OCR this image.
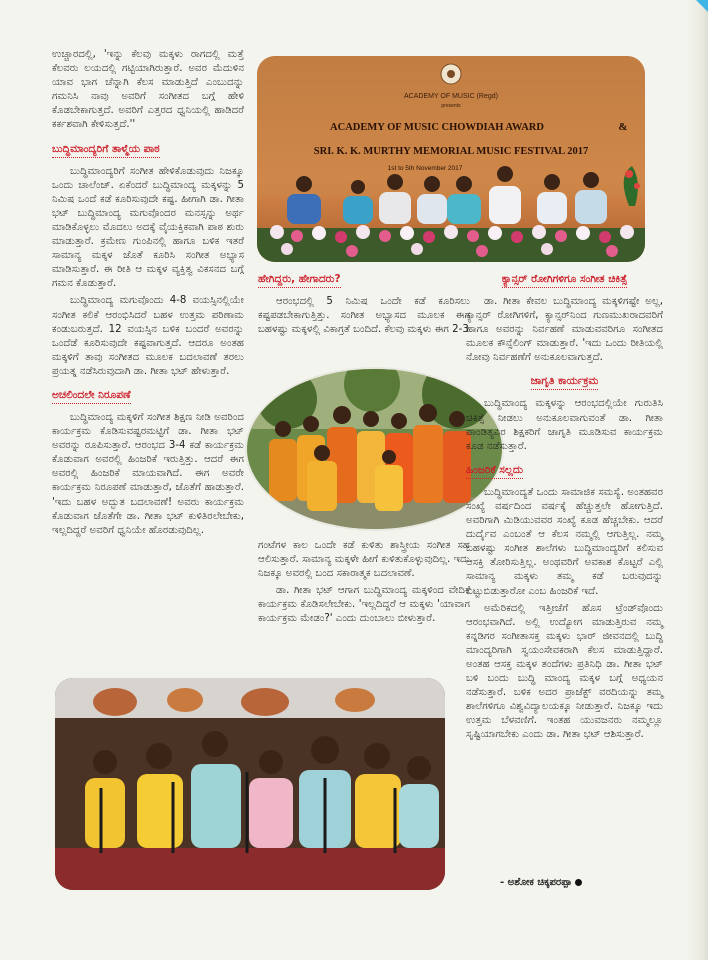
ಉಚ್ಚಾರದಲ್ಲಿ, 'ಇನ್ನು ಕೆಲವು ಮಕ್ಕಳು ರಾಗದಲ್ಲಿ ಮತ್ತೆ ಕೆಲವರು ಲಯದಲ್ಲಿ ಗಟ್ಟಿಯಾಗಿರುತ್ತಾರೆ. ಅವರ ಮೆದುಳಿನ ಯಾವ ಭಾಗ ಚೆನ್ನಾಗಿ ಕೆಲಸ ಮಾಡುತ್ತಿದೆ ಎಂಬುದನ್ನು ಗಮನಿಸಿ ನಾವು ಅವರಿಗೆ ಸಂಗೀತದ ಬಗ್ಗೆ ಹೇಳಿ ಕೊಡಬೇಕಾಗುತ್ತದೆ. ಅವರಿಗೆ ಎತ್ತರದ ಧ್ವನಿಯಲ್ಲಿ ಹಾಡಿದರೆ ಕರ್ಕಶವಾಗಿ ಕೇಳಿಸುತ್ತದೆ.''

ಬುದ್ಧಿಮಾಂದ್ಯರಿಗೆ ತಾಳ್ಮೆಯ ಪಾಠ

ಬುದ್ಧಿಮಾಂದ್ಯರಿಗೆ ಸಂಗೀತ ಹೇಳಿಕೊಡುವುದು ನಿಜಕ್ಕೂ ಒಂದು ಚಾಲೆಂಜ್. ಏಕೆಂದರೆ ಬುದ್ಧಿಮಾಂದ್ಯ ಮಕ್ಕಳನ್ನು 5 ನಿಮಿಷ ಒಂದೆ ಕಡೆ ಕೂರಿಸುವುದೇ ಕಷ್ಟ. ಹೀಗಾಗಿ ಡಾ. ಗೀತಾ ಭಟ್ ಬುದ್ಧಿಮಾಂದ್ಯ ಮಗುವೊಂದರ ಮನಸ್ಸನ್ನು ಅರ್ಥ ಮಾಡಿಕೊಳ್ಳಲು ಮೊದಲು ಅದಕ್ಕೆ ವೈಯಕ್ತಿಕವಾಗಿ ಪಾಠ ಶುರು ಮಾಡುತ್ತಾರೆ. ಕ್ರಮೇಣ ಗುಂಪಿನಲ್ಲಿ ಹಾಗೂ ಬಳಿಕ ಇತರೆ ಸಾಮಾನ್ಯ ಮಕ್ಕಳ ಜೊತೆ ಕೂರಿಸಿ ಸಂಗೀತ ಅಭ್ಯಾಸ ಮಾಡಿಸುತ್ತಾರೆ. ಈ ರೀತಿ ಆ ಮಕ್ಕಳ ವ್ಯಕ್ತಿತ್ವ ವಿಕಸನದ ಬಗ್ಗೆ ಗಮನ ಕೊಡುತ್ತಾರೆ.

ಬುದ್ಧಿಮಾಂದ್ಯ ಮಗುವೊಂದು 4-8 ವಯಸ್ಸಿನಲ್ಲಿಯೇ ಸಂಗೀತ ಕಲಿಕೆ ಆರಂಭಿಸಿದರೆ ಬಹಳ ಉತ್ತಮ ಪರಿಣಾಮ ಕಂಡುಬರುತ್ತದೆ. 12 ವಯಸ್ಸಿನ ಬಳಿಕ ಬಂದರೆ ಅವರನ್ನು ಒಂದೆಡೆ ಕೂರಿಸುವುದೇ ಕಷ್ಟವಾಗುತ್ತದೆ. ಆದರೂ ಅಂತಹ ಮಕ್ಕಳಿಗೆ ತಾವು ಸಂಗೀತದ ಮೂಲಕ ಬದಲಾವಣೆ ತರಲು ಪ್ರಯತ್ನ ನಡೆಸಿರುವುದಾಗಿ ಡಾ. ಗೀತಾ ಭಟ್ ಹೇಳುತ್ತಾರೆ.

ಅಚಲಿಂದಲೇ ನಿರೂಪಣೆ

ಬುದ್ಧಿಮಾಂದ್ಯ ಮಕ್ಕಳಿಗೆ ಸಂಗೀತ ಶಿಕ್ಷಣ ನೀಡಿ ಅವರಿಂದ ಕಾರ್ಯಕ್ರಮ ಕೊಡಿಸುವಷ್ಟರಮಟ್ಟಿಗೆ ಡಾ. ಗೀತಾ ಭಟ್ ಅವರನ್ನು ರೂಪಿಸುತ್ತಾರೆ. ಆರಂಭದ 3-4 ಕಡೆ ಕಾರ್ಯಕ್ರಮ ಕೊಡುವಾಗ ಅವರಲ್ಲಿ ಹಿಂಜರಿಕೆ ಇರುತ್ತಿತ್ತು. ಆದರೆ ಈಗ ಅವರಲ್ಲಿ ಹಿಂಜರಿಕೆ ಮಾಯವಾಗಿದೆ. ಈಗ ಅವರೇ ಕಾರ್ಯಕ್ರಮ ನಿರೂಪಣೆ ಮಾಡುತ್ತಾರೆ, ಜೊತೆಗೆ ಹಾಡುತ್ತಾರೆ. 'ಇದು ಬಹಳ ಅದ್ಭುತ ಬದಲಾವಣೆ! ಅವರು ಕಾರ್ಯಕ್ರಮ ಕೊಡುವಾಗ ಜೊತೆಗೇ ಡಾ. ಗೀತಾ ಭಟ್ ಕುಳಿತಿರಲೇಬೇಕು, ಇಲ್ಲದಿದ್ದರೆ ಅವರಿಗೆ ಧ್ವನಿಯೇ ಹೊರಡುವುದಿಲ್ಲ.

ACADEMY OF MUSIC (Regd)
presents
ACADEMY OF MUSIC CHOWDIAH AWARD	&
SRI. K. K. MURTHY MEMORIAL MUSIC FESTIVAL 2017
1st to 5th November 2017
ಹೇಗಿದ್ದರು, ಹೇಗಾದರು?

ಆರಂಭದಲ್ಲಿ 5 ನಿಮಿಷ ಒಂದೇ ಕಡೆ ಕೂರಿಸಲು ಕಷ್ಟಪಡಬೇಕಾಗುತ್ತಿತ್ತು. ಸಂಗೀತ ಅಭ್ಯಾಸದ ಮೂಲಕ ಈಗ ಬಹಳಷ್ಟು ಮಕ್ಕಳಲ್ಲಿ ವಿಕಾಗ್ರತೆ ಬಂದಿದೆ. ಕೆಲವು ಮಕ್ಕಳು ಈಗ 2-3

ಗಂಟೆಗಳ ಕಾಲ ಒಂದೇ ಕಡೆ ಕುಳಿತು ಶಾಸ್ತ್ರೀಯ ಸಂಗೀತ ಸಹ ಆಲಿಸುತ್ತಾರೆ. ಸಾಮಾನ್ಯ ಮಕ್ಕಳೇ ಹೀಗೆ ಕುಳಿತುಕೊಳ್ಳುವುದಿಲ್ಲ. ಇದು ನಿಜಕ್ಕೂ ಅವರಲ್ಲಿ ಬಂದ ಸಕಾರಾತ್ಮಕ ಬದಲಾವಣೆ.

ಡಾ. ಗೀತಾ ಭಟ್ ಆಗಾಗ ಬುದ್ಧಿಮಾಂದ್ಯ ಮಕ್ಕಳಿಂದ ವೇದಿಕೆ ಕಾರ್ಯಕ್ರಮ ಕೊಡಿಸಲೇಬೇಕು. 'ಇಲ್ಲದಿದ್ದರೆ ಆ ಮಕ್ಕಳು 'ಯಾವಾಗ ಕಾರ್ಯಕ್ರಮ ಮೇಡಂ?' ಎಂದು ದುಂಬಾಲು ಬೀಳುತ್ತಾರೆ.

ಕ್ಯಾನ್ಸರ್ ರೋಗಿಗಳಿಗೂ ಸಂಗೀತ ಚಿಕಿತ್ಸೆ

ಡಾ. ಗೀತಾ ಕೇವಲ ಬುದ್ಧಿಮಾಂದ್ಯ ಮಕ್ಕಳಿಗಷ್ಟೇ ಅಲ್ಲ, ಕ್ಯಾನ್ಸರ್ ರೋಗಿಗಳಿಗೆ, ಕ್ಯಾನ್ಸರ್‌ನಿಂದ ಗುಣಮುಖರಾದವರಿಗೆ ಹಾಗೂ ಅವರನ್ನು ನಿರ್ವಹಣೆ ಮಾಡುವವರಿಗೂ ಸಂಗೀತದ ಮೂಲಕ ಕೌನ್ಸೆಲಿಂಗ್ ಮಾಡುತ್ತಾರೆ. 'ಇದು ಒಂದು ರೀತಿಯಲ್ಲಿ ನೋವು ನಿರ್ವಹಣೆಗೆ ಅನುಕೂಲವಾಗುತ್ತದೆ.

ಜಾಗೃತಿ ಕಾರ್ಯಕ್ರಮ

ಬುದ್ಧಿಮಾಂದ್ಯ ಮಕ್ಕಳನ್ನು ಆರಂಭದಲ್ಲಿಯೇ ಗುರುತಿಸಿ ಚಿಕಿತ್ಸೆ ನೀಡಲು ಅನುಕೂಲವಾಗುವಂತೆ ಡಾ. ಗೀತಾ ಪಾಂಡಿತ್ಯವಿರ ಶಿಕ್ಷಕರಿಗೆ ಜಾಗೃತಿ ಮೂಡಿಸುವ ಕಾರ್ಯಕ್ರಮ ಕೂಡ ನಡೆಸುತ್ತಾರೆ.

ಹಿಂಜರಿಕೆ ಸಲ್ಲದು

ಬುದ್ಧಿಮಾಂದ್ಯತೆ ಒಂದು ಸಾಮಾಜಿಕ ಸಮಸ್ಯೆ. ಅಂತಹವರ ಸಂಖ್ಯೆ ವರ್ಷದಿಂದ ವರ್ಷಕ್ಕೆ ಹೆಚ್ಚುತ್ತಲೇ ಹೋಗುತ್ತಿದೆ. ಅವರಿಗಾಗಿ ಮಿಡಿಯುವವರ ಸಂಖ್ಯೆ ಕೂಡ ಹೆಚ್ಚಬೇಕು. ಆದರೆ ದುರ್ದೈವ ಎಂಬಂತೆ ಆ ಕೆಲಸ ನಮ್ಮಲ್ಲಿ ಆಗುತ್ತಿಲ್ಲ. ನಮ್ಮ ಬಹಳಷ್ಟು ಸಂಗೀತ ಶಾಲೆಗಳು ಬುದ್ಧಿಮಾಂದ್ಯರಿಗೆ ಕಲಿಸುವ ಆಸಕ್ತಿ ತೋರಿಸುತ್ತಿಲ್ಲ. ಅಂಥವರಿಗೆ ಅವಕಾಶ ಕೊಟ್ಟರೆ ಎಲ್ಲಿ ಸಾಮಾನ್ಯ ಮಕ್ಕಳು ತಮ್ಮ ಕಡೆ ಬರುವುದನ್ನು ಬಿಟ್ಟುಬಿಡುತ್ತಾರೋ ಎಂಬ ಹಿಂಜರಿಕೆ ಇದೆ.

ಅಮೆರಿಕದಲ್ಲಿ ಇತ್ತೀಚೆಗೆ ಹೊಸ ಟ್ರೆಂಡ್‌ವೊಂದು ಆರಂಭವಾಗಿದೆ. ಅಲ್ಲಿ ಉದ್ಯೋಗ ಮಾಡುತ್ತಿರುವ ನಮ್ಮ ಕನ್ನಡಿಗರ ಸಂಗೀತಾಸಕ್ತ ಮಕ್ಕಳು ಭಾರ್ ಜೀವನದಲ್ಲಿ ಬುದ್ಧಿ ಮಾಂದ್ಯರಿಗಾಗಿ ಸ್ವಯಂಸೇವಕರಾಗಿ ಕೆಲಸ ಮಾಡುತ್ತಿದ್ದಾರೆ. ಅಂತಹ ಆಸಕ್ತ ಮಕ್ಕಳ ತಂದೆಗಳು ಪ್ರತಿನಿಧಿ ಡಾ. ಗೀತಾ ಭಟ್ ಬಳಿ ಬಂದು ಬುದ್ಧಿ ಮಾಂದ್ಯ ಮಕ್ಕಳ ಬಗ್ಗೆ ಅಧ್ಯಯನ ನಡೆಸುತ್ತಾರೆ. ಬಳಿಕ ಅದರ ಪ್ರಾಜೆಕ್ಟ್ ವರದಿಯನ್ನು ತಮ್ಮ ಶಾಲೆಗಳಿಗೂ ವಿಶ್ವವಿದ್ಯಾಲಯಕ್ಕೂ ನೀಡುತ್ತಾರೆ. ನಿಜಕ್ಕೂ ಇದು ಉತ್ತಮ ಬೆಳವಣಿಗೆ. ಇಂತಹ ಯುವಜನರು ನಮ್ಮಲ್ಲೂ ಸೃಷ್ಟಿಯಾಗಬೇಕು ಎಂದು ಡಾ. ಗೀತಾ ಭಟ್ ಆಶಿಸುತ್ತಾರೆ.

- ಅಶೋಕ ಚಿಕ್ಕಪರಪ್ಪಾ
